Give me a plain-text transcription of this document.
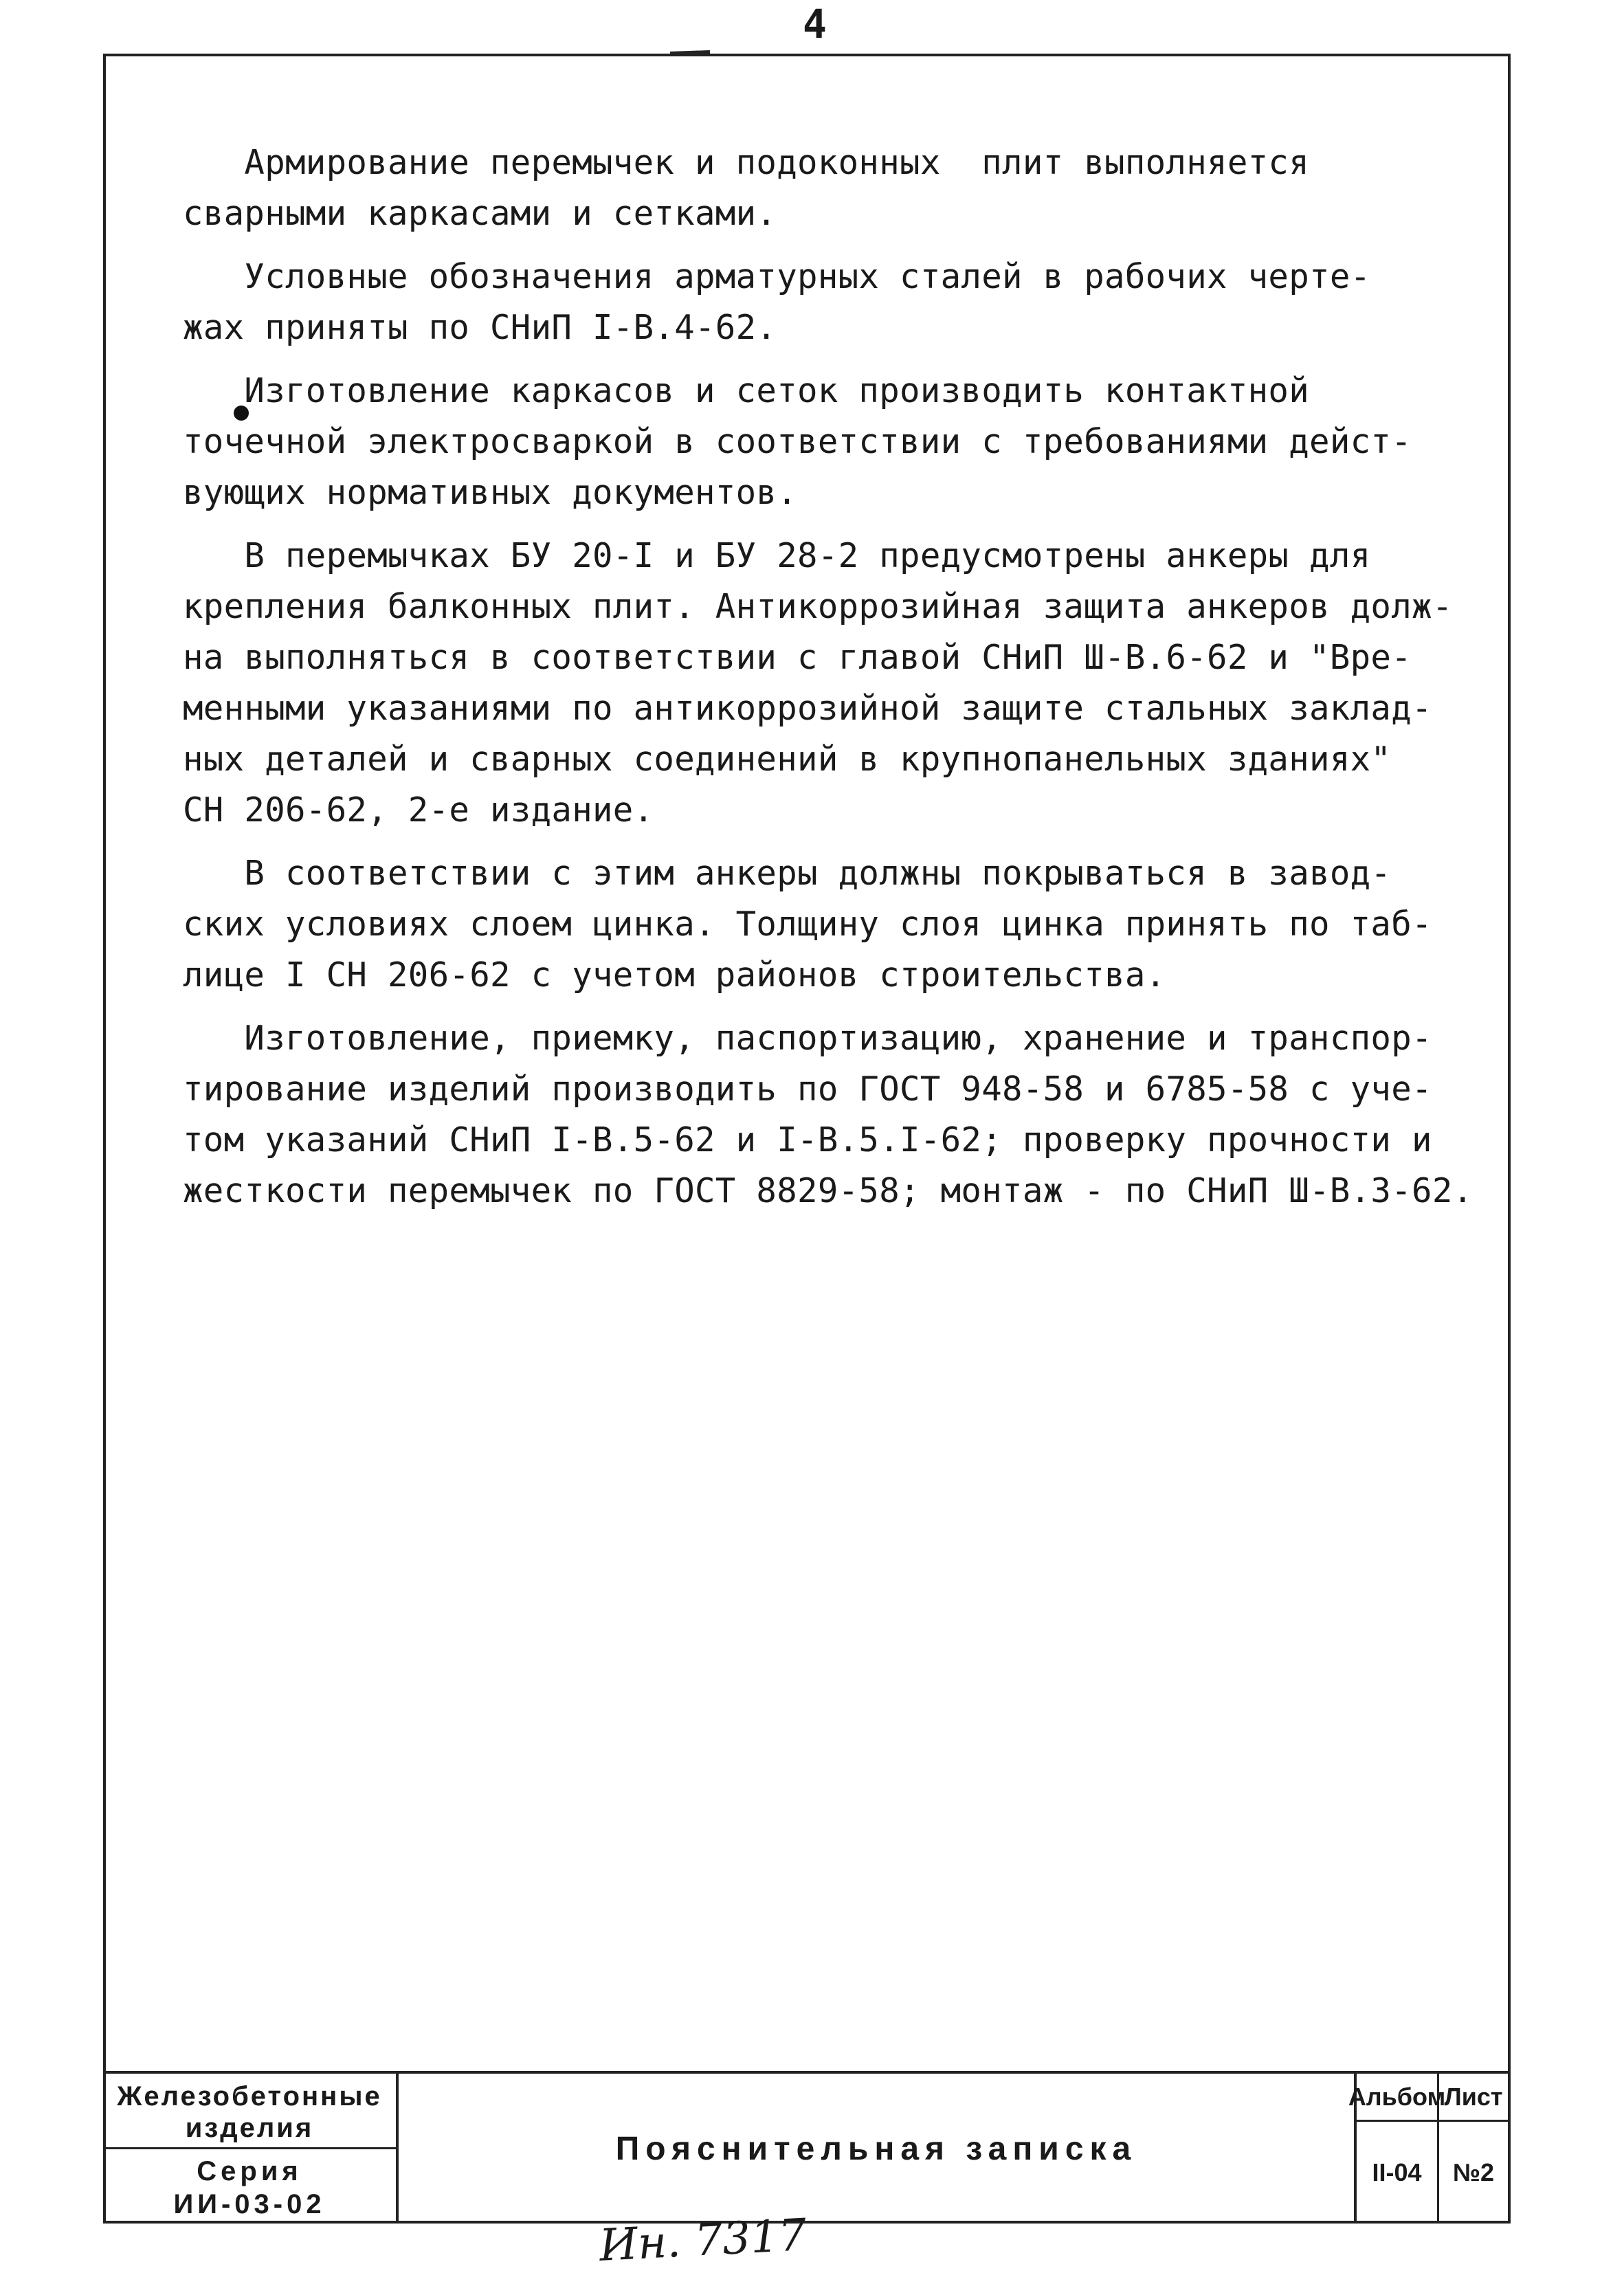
4
Армирование перемычек и подоконных  плит выполняется
сварными каркасами и сетками.
Условные обозначения арматурных сталей в рабочих черте-
жах приняты по СНиП I-В.4-62.
Изготовление каркасов и сеток производить контактной
точечной электросваркой в соответствии с требованиями дейст-
вующих нормативных документов.
В перемычках БУ 20-I и БУ 28-2 предусмотрены анкеры для
крепления балконных плит. Антикоррозийная защита анкеров долж-
на выполняться в соответствии с главой СНиП Ш-В.6-62 и "Вре-
менными указаниями по антикоррозийной защите стальных заклад-
ных деталей и сварных соединений в крупнопанельных зданиях"
СН 206-62, 2-е издание.
В соответствии с этим анкеры должны покрываться в завод-
ских условиях слоем цинка. Толщину слоя цинка принять по таб-
лице I СН 206-62 с учетом районов строительства.
Изготовление, приемку, паспортизацию, хранение и транспор-
тирование изделий производить по ГОСТ 948-58 и 6785-58 с уче-
том указаний СНиП I-В.5-62 и I-В.5.I-62; проверку прочности и
жесткости перемычек по ГОСТ 8829-58; монтаж - по СНиП Ш-В.3-62.
Железобетонные
изделия
Серия
ИИ-03-02
Пояснительная записка
Альбом
Лист
II-04	№2
Ин. 7317
